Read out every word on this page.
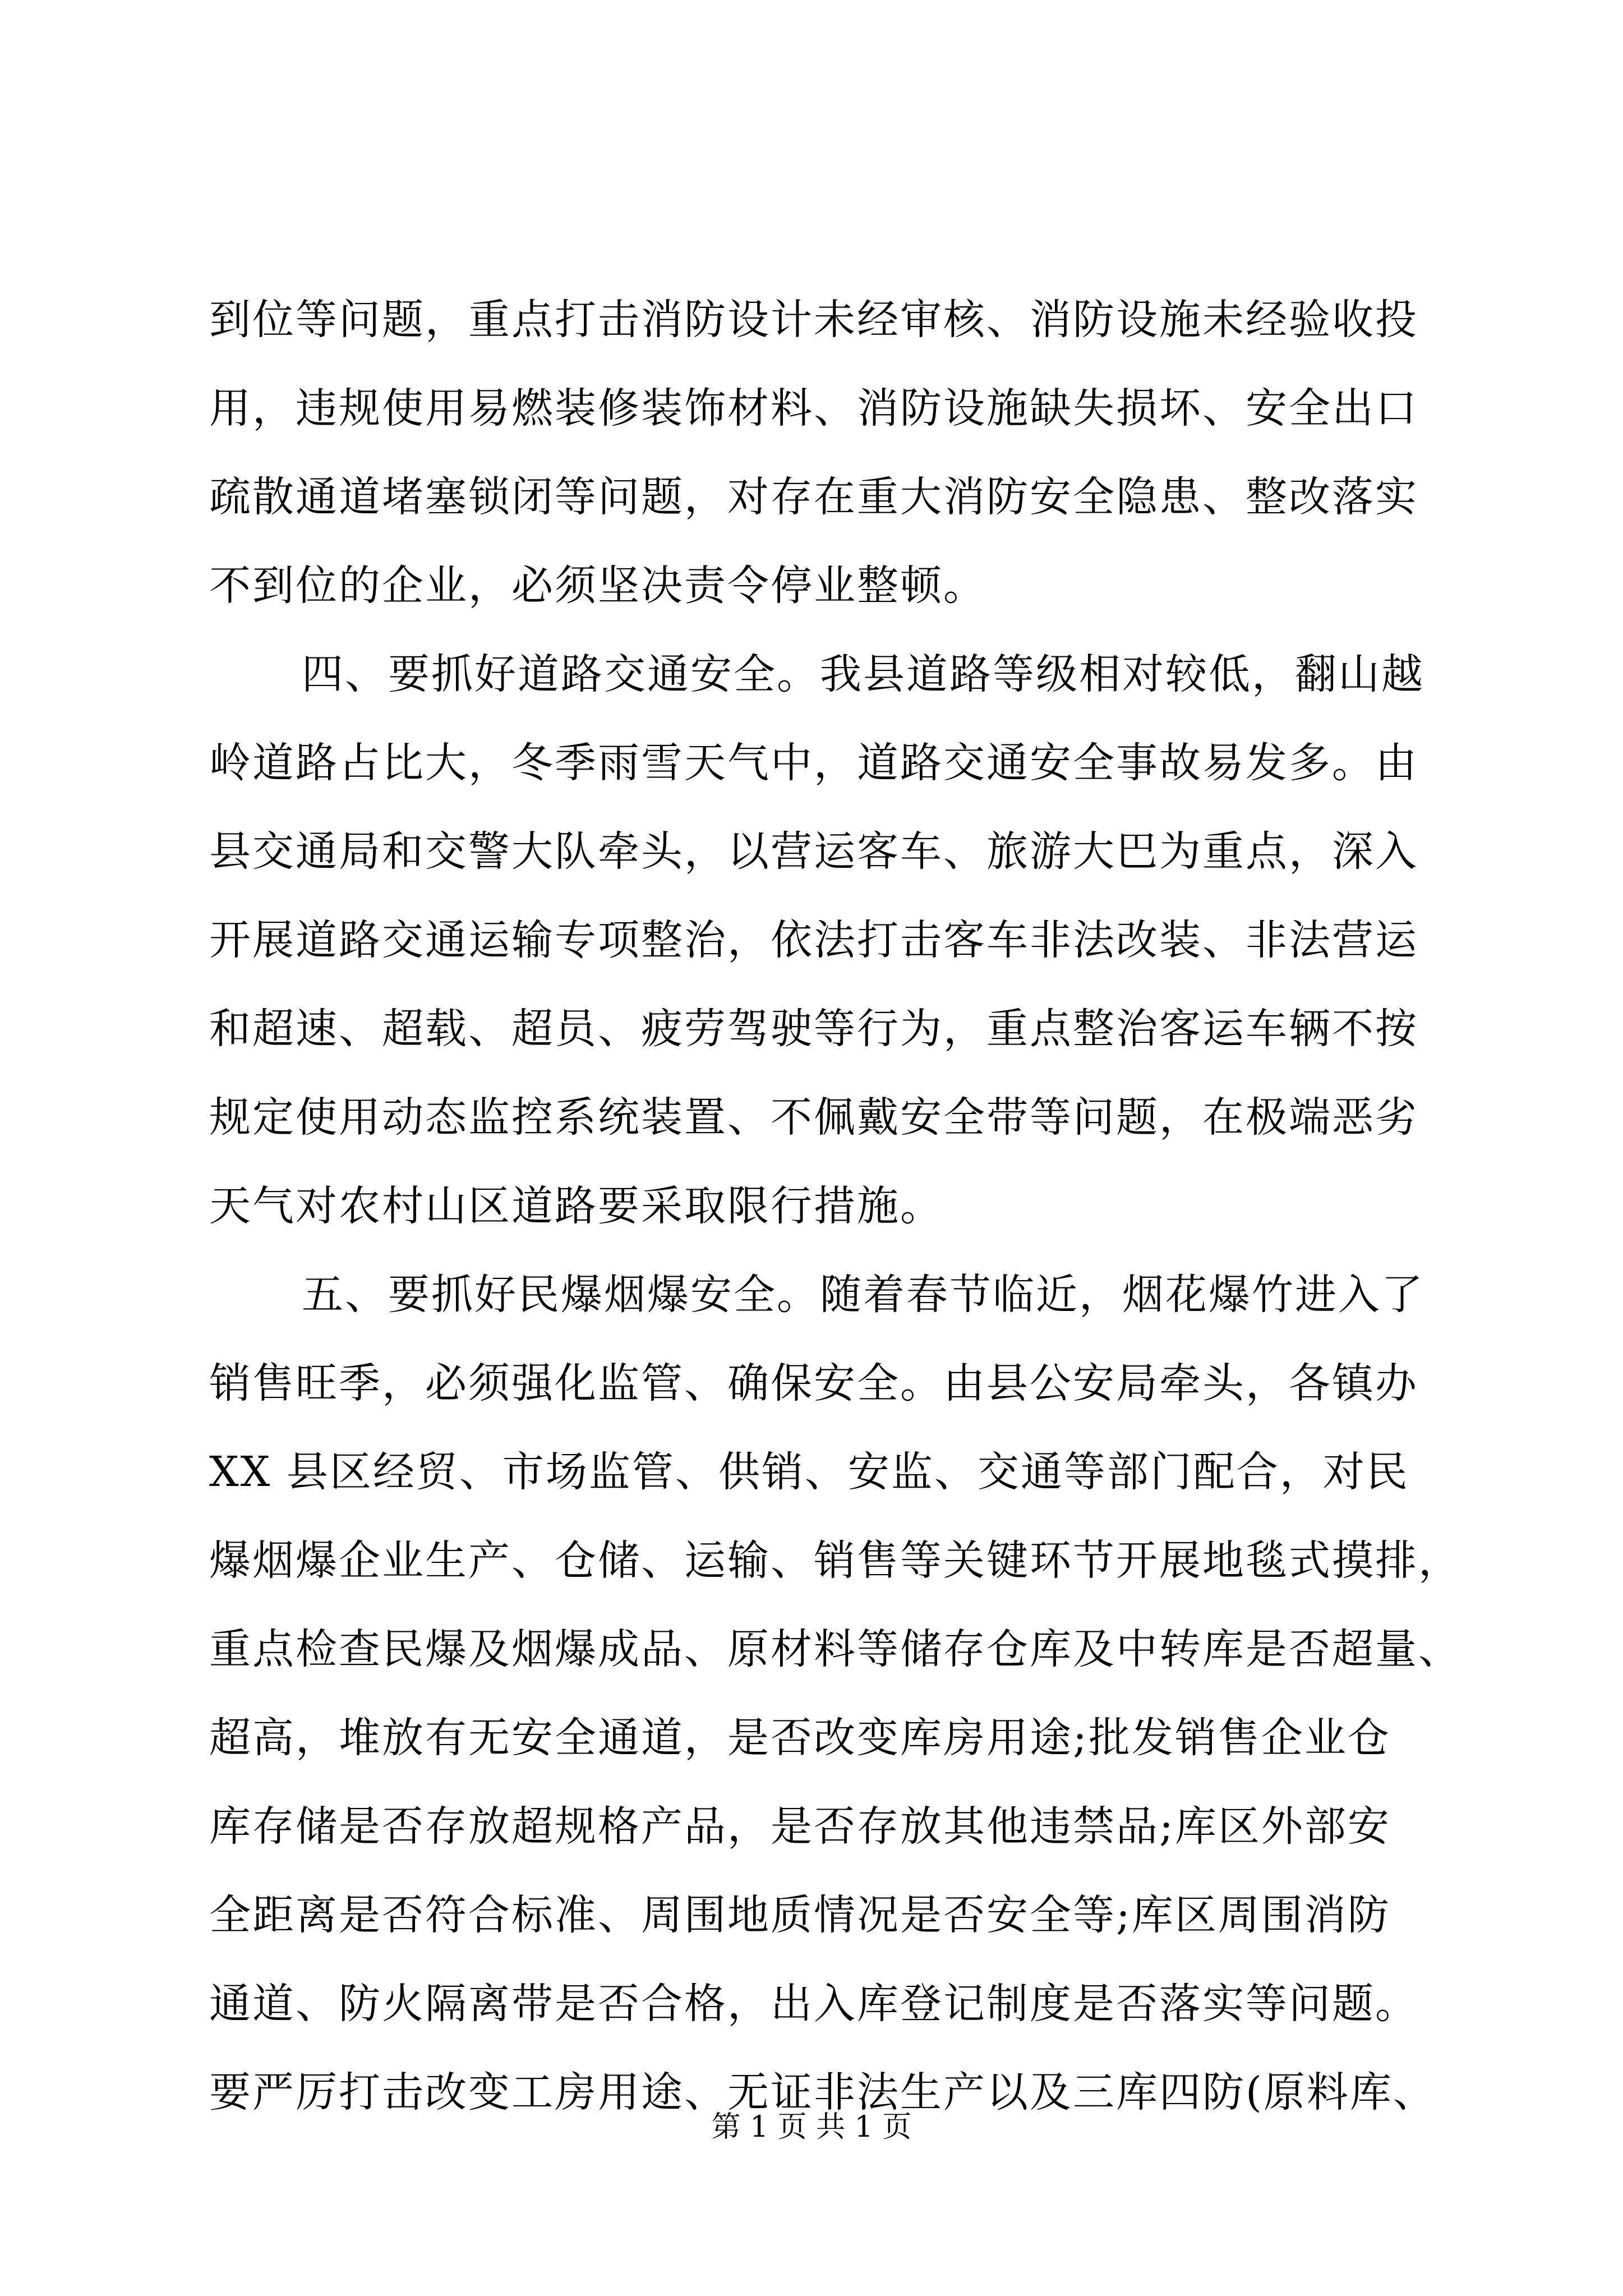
到位等问题，重点打击消防设计未经审核、消防设施未经验收投
用，违规使用易燃装修装饰材料、消防设施缺失损坏、安全出口
疏散通道堵塞锁闭等问题，对存在重大消防安全隐患、整改落实
不到位的企业，必须坚决责令停业整顿。
四、要抓好道路交通安全。我县道路等级相对较低，翻山越
岭道路占比大，冬季雨雪天气中，道路交通安全事故易发多。由
县交通局和交警大队牵头，以营运客车、旅游大巴为重点，深入
开展道路交通运输专项整治，依法打击客车非法改装、非法营运
和超速、超载、超员、疲劳驾驶等行为，重点整治客运车辆不按
规定使用动态监控系统装置、不佩戴安全带等问题，在极端恶劣
天气对农村山区道路要采取限行措施。
五、要抓好民爆烟爆安全。随着春节临近，烟花爆竹进入了
销售旺季，必须强化监管、确保安全。由县公安局牵头，各镇办
XX 县区经贸、市场监管、供销、安监、交通等部门配合，对民
爆烟爆企业生产、仓储、运输、销售等关键环节开展地毯式摸排，
重点检查民爆及烟爆成品、原材料等储存仓库及中转库是否超量、
超高，堆放有无安全通道，是否改变库房用途;批发销售企业仓
库存储是否存放超规格产品，是否存放其他违禁品;库区外部安
全距离是否符合标准、周围地质情况是否安全等;库区周围消防
通道、防火隔离带是否合格，出入库登记制度是否落实等问题。
要严厉打击改变工房用途、无证非法生产以及三库四防(原料库、
第 1 页 共 1 页
